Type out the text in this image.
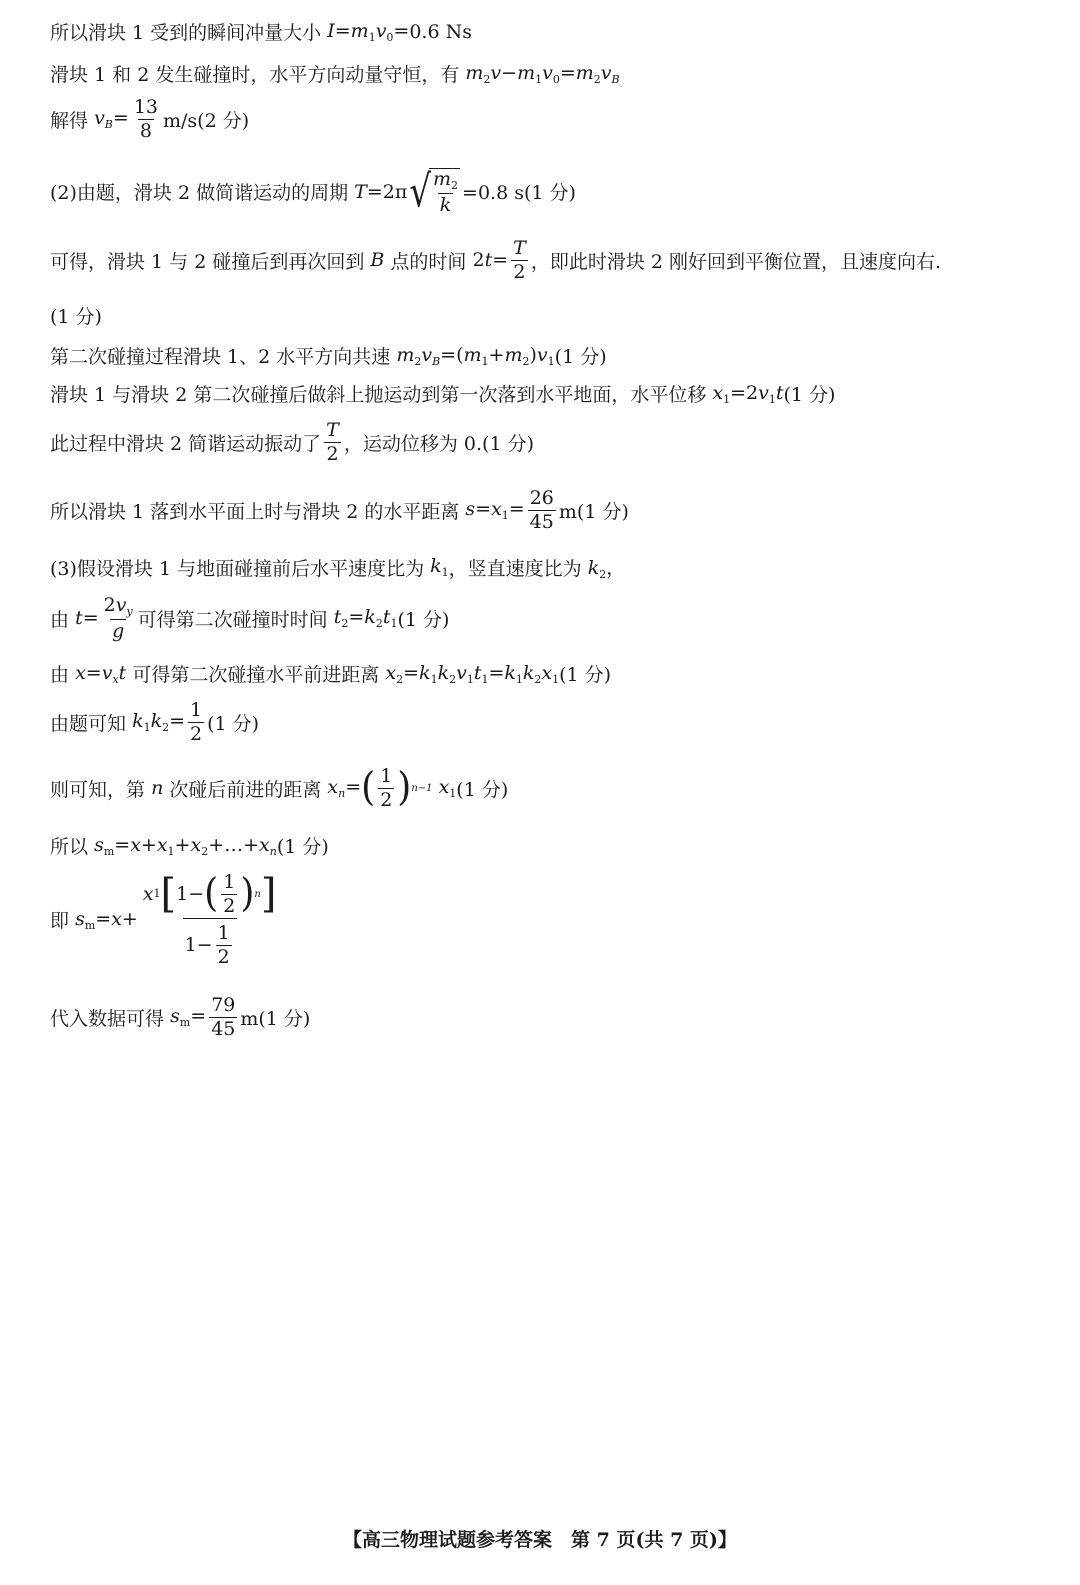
所以滑块 1 受到的瞬间冲量大小 $I=m_1v_0= 0.6$ Ns
滑块 1 和 2 发生碰撞时，水平方向动量守恒，有 $m_2v-m_1v_0=m_2v_B$
解得 $v_B= \frac{13}{8} m/s(2$ 分)
(2)由题，滑块 2 做简谐运动的周期 T=2π √ $\frac{m_2}{k} =0.8$ s(1 分)
可得，滑块 1 与 2 碰撞后到再次回到 B 点的时间 $2t= \frac{T}{2}$ ，即此时滑块 2 刚好回到平衡位置，且速度向右.
(1 分)
第二次碰撞过程滑块 1、2 水平方向共速 $m_2v_B=(m_1+m_2)v_1$ (1 分)
滑块 1 与滑块 2 第二次碰撞后做斜上抛运动到第一次落到水平地面，水平位移 $x_1=2v_1t$ (1 分)
此过程中滑块 2 简谐运动振动了 $\frac{T}{2}$ ，运动位移为 0.(1 分)
所以滑块 1 落到水平面上时与滑块 2 的水平距离 $s=x_1= \frac{26}{45} m(1$ 分)
(3)假设滑块 1 与地面碰撞前后水平速度比为 $k_1$ ，竖直速度比为 $k_2$，
由 $t= \frac{2v_y}{g}$ 可得第二次碰撞时时间 $t_2=k_2t_1$ (1 分)
由 $x=v_xt$ 可得第二次碰撞水平前进距离 $x_2=k_1k_2v_1t_1=k_1k_2x_1$ (1 分)
由题可知 $k_1k_2= \frac{1}{2} (1$ 分)
则可知，第 n 次碰后前进的距离 $x_n=$ ( $\frac{1}{2}$ ) n−1 $x_1$ (1 分)
所以 $s_m=x+x_1+x_2+\dots+x_n$ (1 分)
即 $s_m=x+ \frac{x 1 [ 1- ( \frac{1}{2} ) n ]}{1- \frac{1}{2}}$
代入数据可得 $s_m= \frac{79}{45} m(1$ 分)
【高三物理试题参考答案　第 7 页(共 7 页)】
